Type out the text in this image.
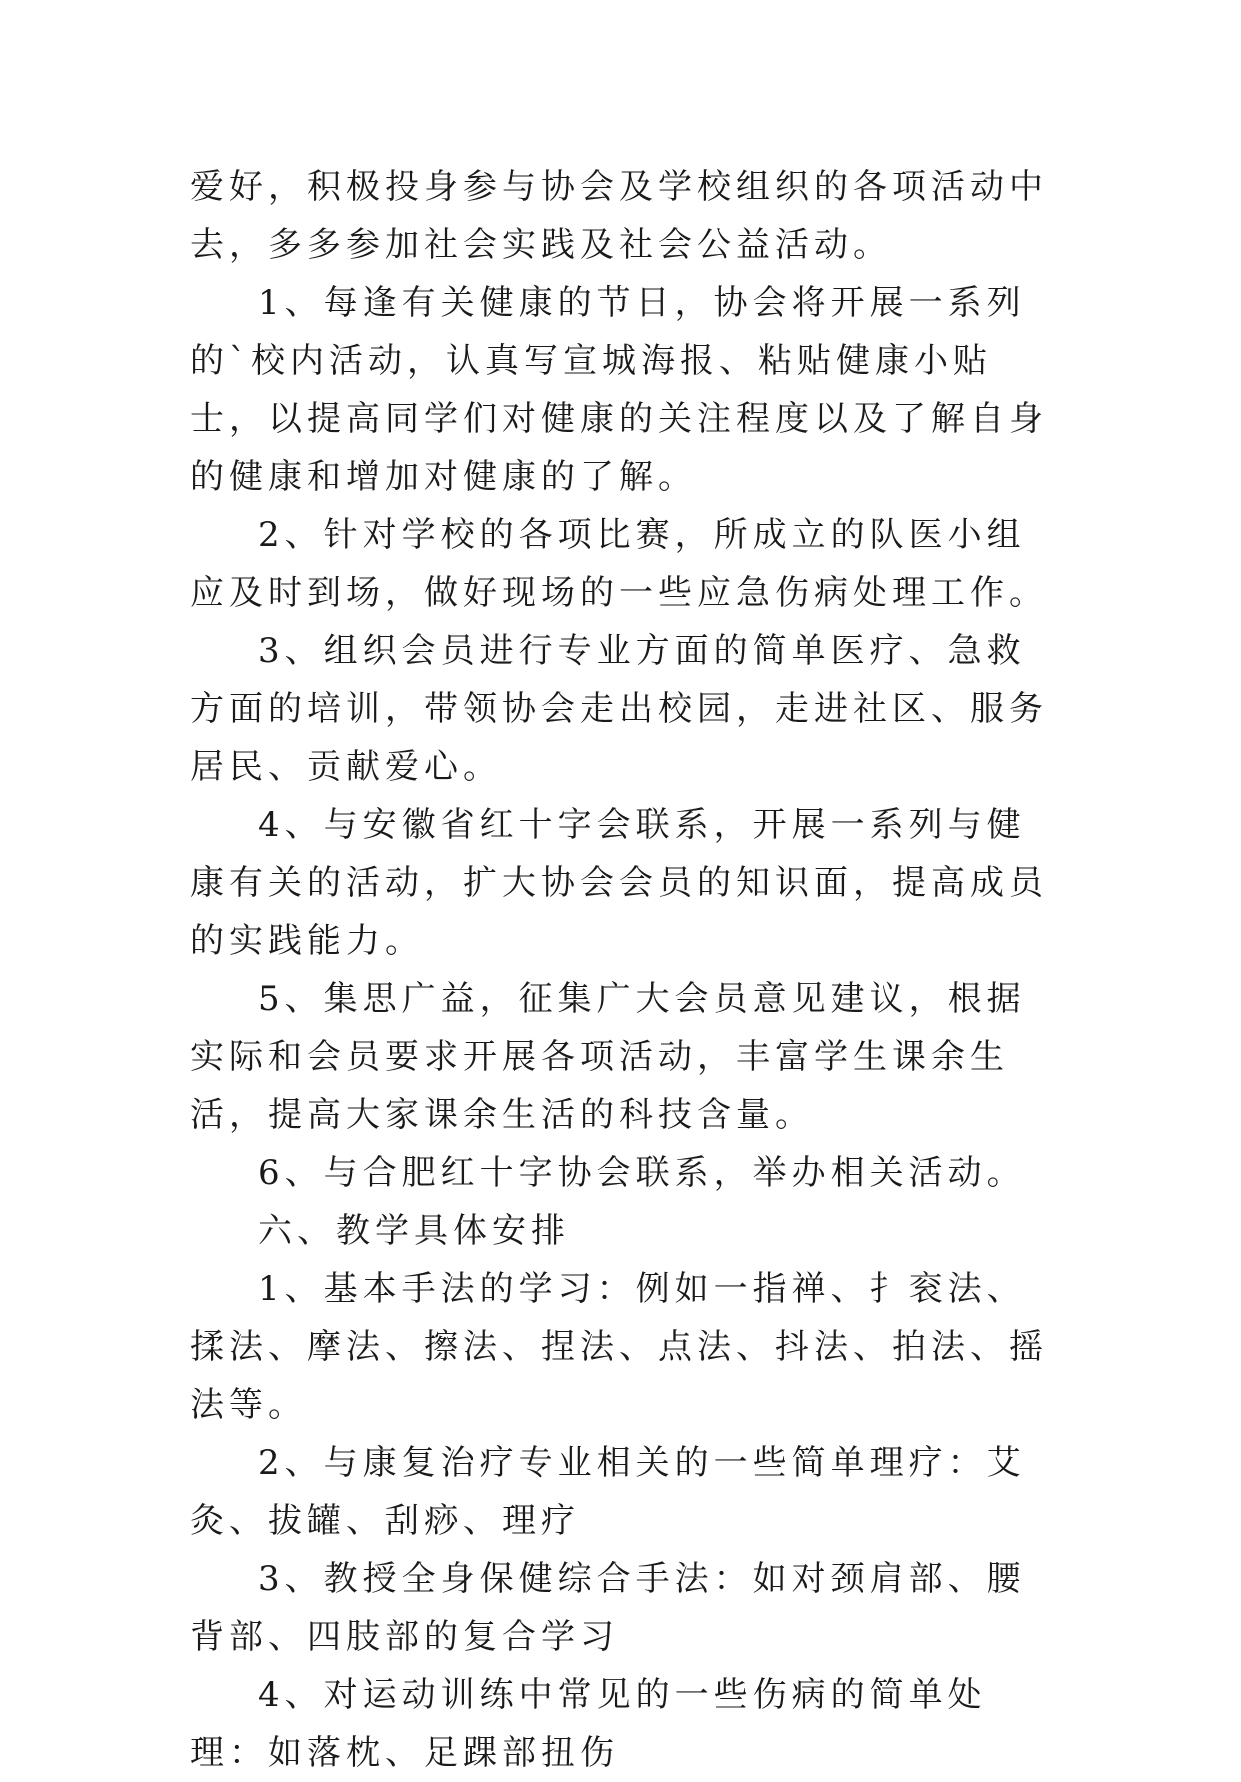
爱好，积极投身参与协会及学校组织的各项活动中去，多多参加社会实践及社会公益活动。

1、每逢有关健康的节日，协会将开展一系列的`校内活动，认真写宣城海报、粘贴健康小贴士，以提高同学们对健康的关注程度以及了解自身的健康和增加对健康的了解。

2、针对学校的各项比赛，所成立的队医小组应及时到场，做好现场的一些应急伤病处理工作。

3、组织会员进行专业方面的简单医疗、急救方面的培训，带领协会走出校园，走进社区、服务居民、贡献爱心。

4、与安徽省红十字会联系，开展一系列与健康有关的活动，扩大协会会员的知识面，提高成员的实践能力。

5、集思广益，征集广大会员意见建议，根据实际和会员要求开展各项活动，丰富学生课余生活，提高大家课余生活的科技含量。

6、与合肥红十字协会联系，举办相关活动。

六、教学具体安排

1、基本手法的学习：例如一指禅、扌衮法、揉法、摩法、擦法、捏法、点法、抖法、拍法、摇法等。

2、与康复治疗专业相关的一些简单理疗：艾灸、拔罐、刮痧、理疗

3、教授全身保健综合手法：如对颈肩部、腰背部、四肢部的复合学习

4、对运动训练中常见的一些伤病的简单处理：如落枕、足踝部扭伤
